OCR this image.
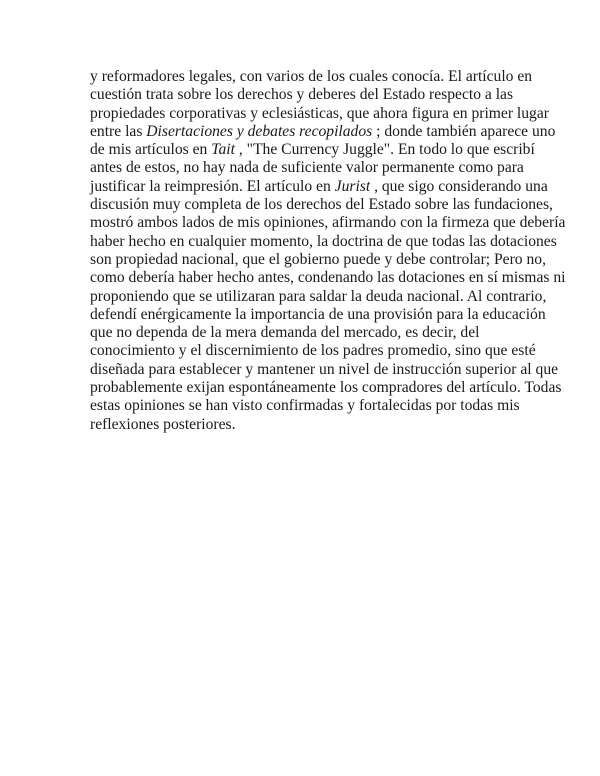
y reformadores legales, con varios de los cuales conocía. El artículo en
cuestión trata sobre los derechos y deberes del Estado respecto a las
propiedades corporativas y eclesiásticas, que ahora figura en primer lugar
entre las Disertaciones y debates recopilados ; donde también aparece uno
de mis artículos en Tait , "The Currency Juggle". En todo lo que escribí
antes de estos, no hay nada de suficiente valor permanente como para
justificar la reimpresión. El artículo en Jurist , que sigo considerando una
discusión muy completa de los derechos del Estado sobre las fundaciones,
mostró ambos lados de mis opiniones, afirmando con la firmeza que debería
haber hecho en cualquier momento, la doctrina de que todas las dotaciones
son propiedad nacional, que el gobierno puede y debe controlar; Pero no,
como debería haber hecho antes, condenando las dotaciones en sí mismas ni
proponiendo que se utilizaran para saldar la deuda nacional. Al contrario,
defendí enérgicamente la importancia de una provisión para la educación
que no dependa de la mera demanda del mercado, es decir, del
conocimiento y el discernimiento de los padres promedio, sino que esté
diseñada para establecer y mantener un nivel de instrucción superior al que
probablemente exijan espontáneamente los compradores del artículo. Todas
estas opiniones se han visto confirmadas y fortalecidas por todas mis
reflexiones posteriores.
